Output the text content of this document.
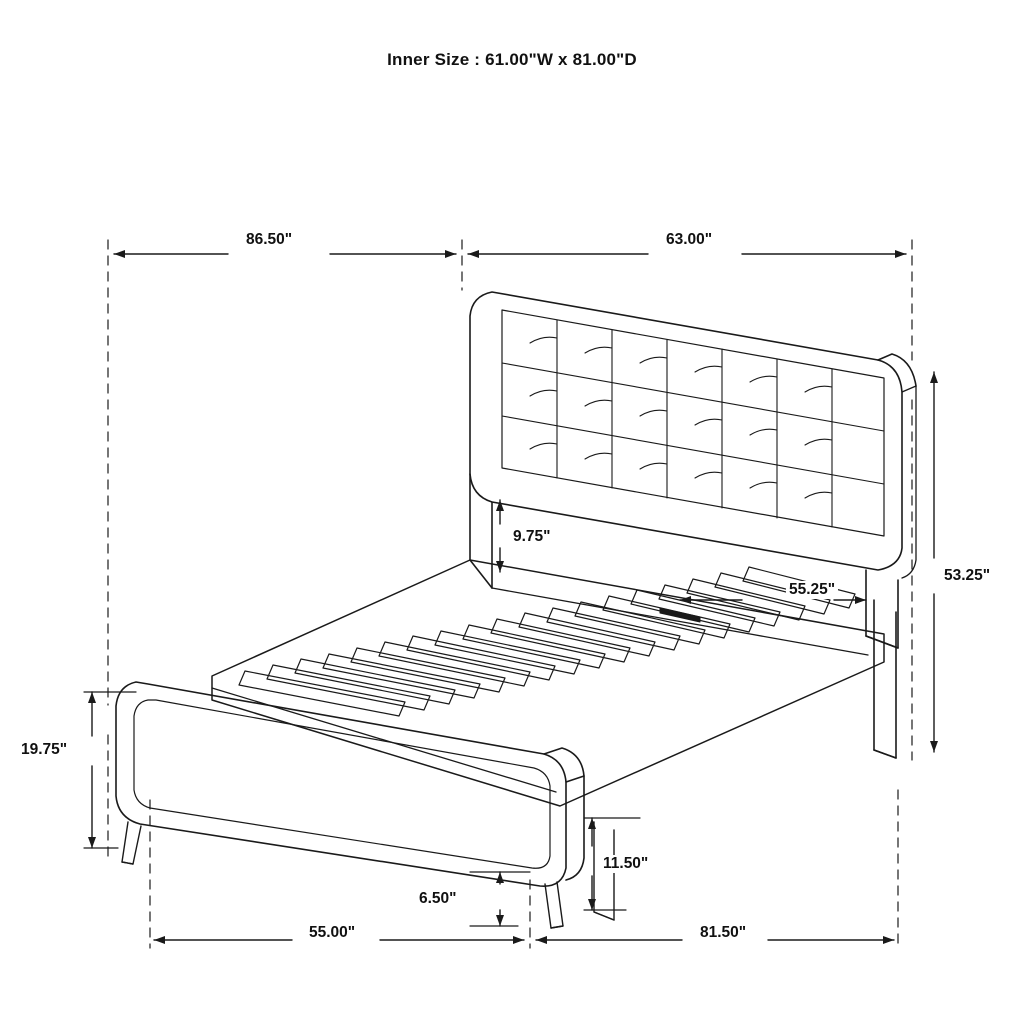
Inner Size : 61.00"W x 81.00"D
86.50"	63.00"
53.25"
9.75"
55.25"
19.75"
11.50"
6.50"
55.00"	81.50"
